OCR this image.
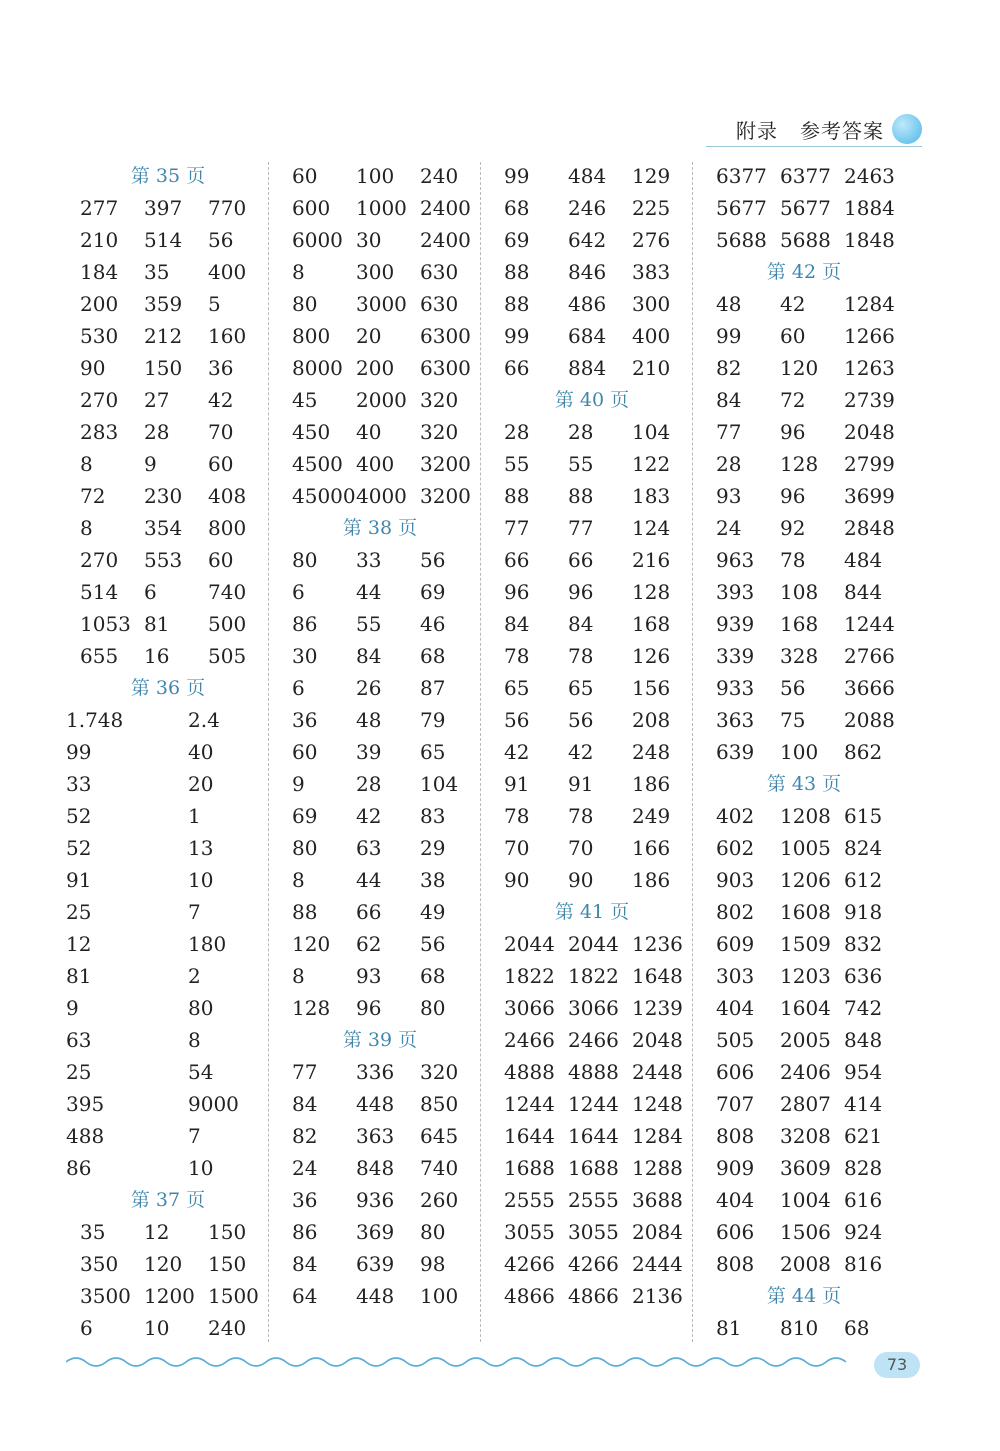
附录 参考答案
第 35 页
277 397 770
210 514 56
184 35 400
200 359 5
530 212 160
90 150 36
270 27 42
283 28 70
8	9	60
72 230 408
8	354 800
270 553 60
514 6	740
1053 81 500
655 16 505
第 36 页
1.748	2.4
99	40
33	20
52	1
52	13
91	10
25	7
12	180
81	2
9	80
63	8
25	54
395	9000
488	7
86	10
第 37 页
35 12 150
350 120 150
3500 1200 1500
6	10 240
60 100 240
600 1000 2400
6000 30 2400
8	300 630
80 3000 630
800 20 6300
8000 200 6300
45 2000 320
450 40 320
4500 400 3200
45000 4000 3200
第 38 页
80 33 56
6	44 69
86 55 46
30 84 68
6	26 87
36 48 79
60 39 65
9	28 104
69 42 83
80 63 29
8	44 38
88 66 49
120 62 56
8	93 68
128 96 80
第 39 页
77 336 320
84 448 850
82 363 645
24 848 740
36 936 260
86 369 80
84 639 98
64 448 100
99 484 129
68 246 225
69 642 276
88 846 383
88 486 300
99 684 400
66 884 210
第 40 页
28 28 104
55 55 122
88 88 183
77 77 124
66 66 216
96 96 128
84 84 168
78 78 126
65 65 156
56 56 208
42 42 248
91 91 186
78 78 249
70 70 166
90 90 186
第 41 页
2044 2044 1236
1822 1822 1648
3066 3066 1239
2466 2466 2048
4888 4888 2448
1244 1244 1248
1644 1644 1284
1688 1688 1288
2555 2555 3688
3055 3055 2084
4266 4266 2444
4866 4866 2136
6377 6377 2463
5677 5677 1884
5688 5688 1848
第 42 页
48 42 1284
99 60 1266
82 120 1263
84 72 2739
77 96 2048
28 128 2799
93 96 3699
24 92 2848
963 78 484
393 108 844
939 168 1244
339 328 2766
933 56 3666
363 75 2088
639 100 862
第 43 页
402 1208 615
602 1005 824
903 1206 612
802 1608 918
609 1509 832
303 1203 636
404 1604 742
505 2005 848
606 2406 954
707 2807 414
808 3208 621
909 3609 828
404 1004 616
606 1506 924
808 2008 816
第 44 页
81 810 68
73
